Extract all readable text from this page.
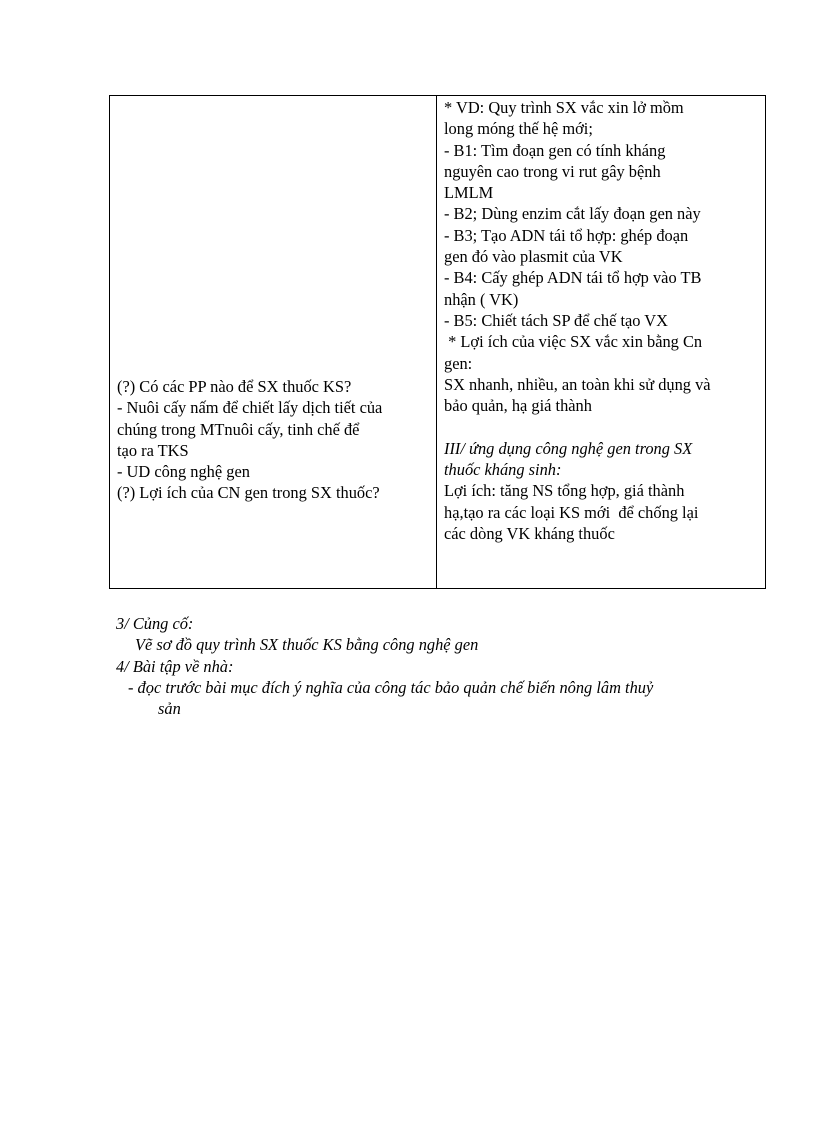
(?) Có các PP nào để SX thuốc KS?
- Nuôi cấy nấm để chiết lấy dịch tiết của
chúng trong MTnuôi cấy, tinh chế để
tạo ra TKS
- UD công nghệ gen
(?) Lợi ích của CN gen trong SX thuốc?
* VD: Quy trình SX vắc xin lở mồm
long móng thế hệ mới;
- B1: Tìm đoạn gen có tính kháng
nguyên cao trong vi rut gây bệnh
LMLM
- B2; Dùng enzim cắt lấy đoạn gen này
- B3; Tạo ADN tái tổ hợp: ghép đoạn
gen đó vào plasmit của VK
- B4: Cấy ghép ADN tái tổ hợp vào TB
nhận ( VK)
- B5: Chiết tách SP để chế tạo VX
* Lợi ích của việc SX vắc xin bằng Cn
gen:
SX nhanh, nhiều, an toàn khi sử dụng và
bảo quản, hạ giá thành
III/ ứng dụng công nghệ gen trong SX
thuốc kháng sinh:
Lợi ích: tăng NS tổng hợp, giá thành
hạ,tạo ra các loại KS mới  để chống lại
các dòng VK kháng thuốc
3/ Củng cố:
Vẽ sơ đồ quy trình SX thuốc KS bằng công nghệ gen
4/ Bài tập về nhà:
- đọc trước bài mục đích ý nghĩa của công tác bảo quản chế biến nông lâm thuỷ
sản
